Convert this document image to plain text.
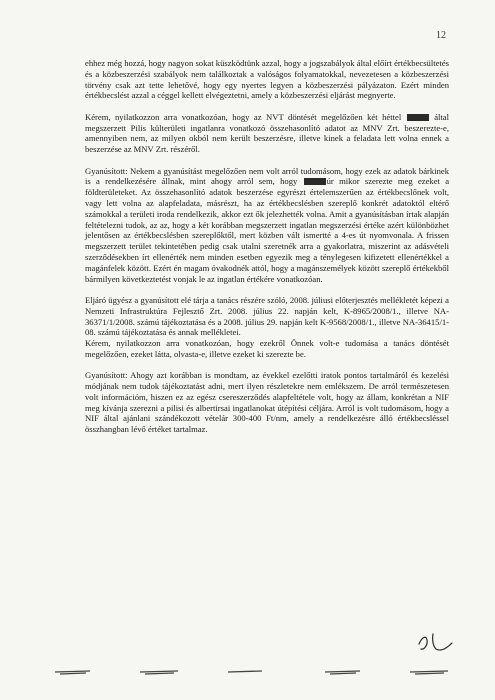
12

ehhez még hozzá, hogy nagyon sokat küszködtünk azzal, hogy a jogszabályok által előírt értékbecsültetés és a közbeszerzési szabályok nem találkoztak a valóságos folyamatokkal, nevezetesen a közbeszerzési törvény csak azt tette lehetővé, hogy egy nyertes legyen a közbeszerzési pályázaton. Ezért minden értékbecslést azzal a céggel kellett elvégeztetni, amely a közbeszerzési eljárást megnyerte.

Kérem, nyilatkozzon arra vonatkozóan, hogy az NVT döntését megelőzően két héttel	által megszerzett Pilis külterületi ingatlanra vonatkozó összehasonlító adatot az MNV Zrt. beszerezte-e, amennyiben nem, az milyen okból nem került beszerzésre, illetve kinek a feladata lett volna ennek a beszerzése az MNV Zrt. részéről.

Gyanúsított: Nekem a gyanúsítást megelőzően nem volt arról tudomásom, hogy ezek az adatok bárkinek is a rendelkezésére állnak, mint ahogy arról sem, hogy	úr mikor szerezte meg ezeket a földterületeket. Az összehasonlító adatok beszerzése egyrészt értelemszerűen az értékbecslőnek volt, vagy lett volna az alapfeladata, másrészt, ha az értékbecslésben szereplő konkrét adatoktól eltérő számokkal a területi iroda rendelkezik, akkor ezt ők jelezhették volna. Amit a gyanúsításban írtak alapján feltételezni tudok, az az, hogy a két korábban megszerzett ingatlan megszerzési értéke azért különbözhet jelentősen az értékbecslésben szereplőktől, mert közben vált ismertté a 4-es út nyomvonala. A frissen megszerzett terület tekintetében pedig csak utalni szeretnék arra a gyakorlatra, miszerint az adásvételi szerződésekben írt ellenérték nem minden esetben egyezik meg a ténylegesen kifizetett ellenértékkel a magánfelek között. Ezért én magam óvakodnék attól, hogy a magánszemélyek között szereplő értékekből bármilyen következtetést vonjak le az ingatlan értékére vonatkozóan.

Eljáró ügyész a gyanúsított elé tárja a tanács részére szóló, 2008. júliusi előterjesztés mellékletét képezi a Nemzeti Infrastruktúra Fejlesztő Zrt. 2008. július 22. napján kelt, K-8965/2008/1., illetve NA-36371/1/2008. számú tájékoztatása és a 2008. július 29. napján kelt K-9568/2008/1., illetve NA-36415/1-08. számú tájékoztatása és annak mellékletei.

Kérem, nyilatkozzon arra vonatkozóan, hogy ezekről Önnek volt-e tudomása a tanács döntését megelőzően, ezeket látta, olvasta-e, illetve ezeket ki szerezte be.

Gyanúsított: Ahogy azt korábban is mondtam, az évekkel ezelőtti iratok pontos tartalmáról és kezelési módjának nem tudok tájékoztatást adni, mert ilyen részletekre nem emlékszem. De arról természetesen volt információm, hiszen ez az egész csereszerződés alapfeltétele volt, hogy az állam, konkrétan a NIF meg kívánja szerezni a pilisi és albertirsai ingatlanokat útépítési céljára. Arról is volt tudomásom, hogy a NIF által ajánlani szándékozott vételár 300-400 Ft/nm, amely a rendelkezésre álló értékbecsléssel összhangban lévő értéket tartalmaz.
